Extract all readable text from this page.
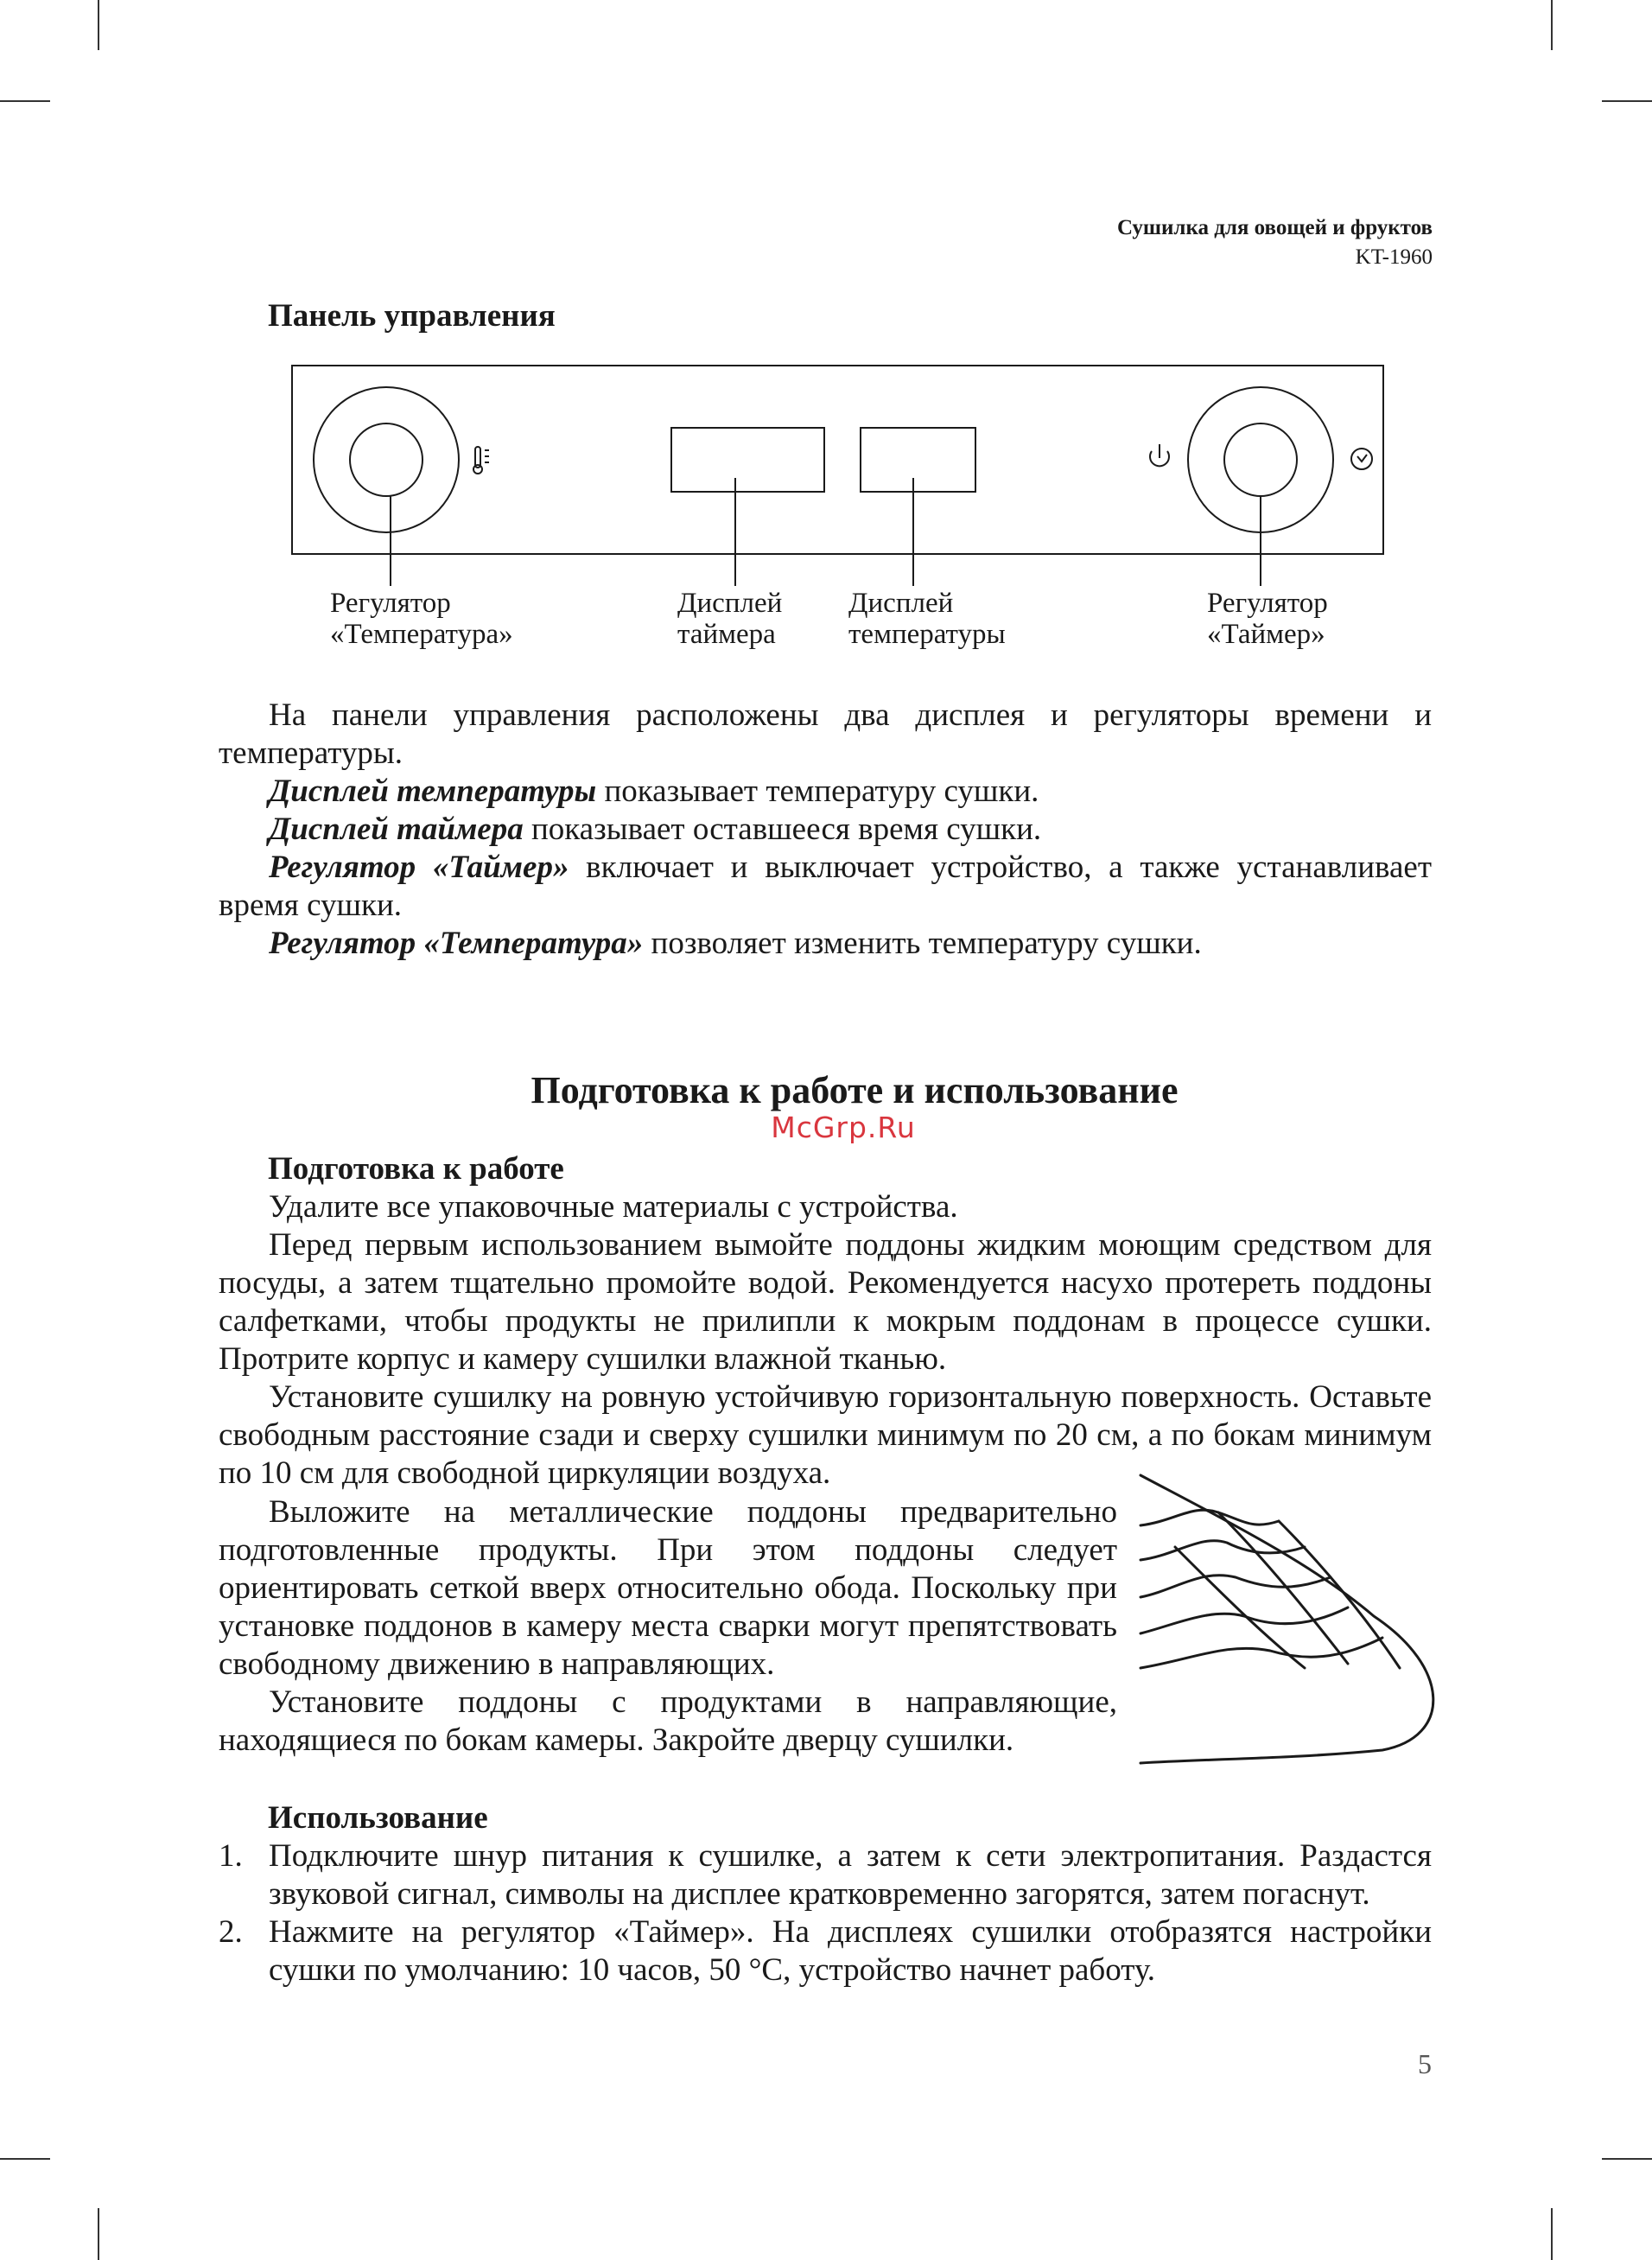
Сушилка для овощей и фруктов
KT-1960
Панель управления
Регулятор
«Температура»
Дисплей
таймера
Дисплей
температуры
Регулятор
«Таймер»

На панели управления расположены два дисплея и регуляторы времени и температуры.

Дисплей температуры показывает температуру сушки.

Дисплей таймера показывает оставшееся время сушки.

Регулятор «Таймер» включает и выключает устройство, а также устанавливает время сушки.

Регулятор «Температура» позволяет изменить температуру сушки.

Подготовка к работе и использование
McGrp.Ru
Подготовка к работе

Удалите все упаковочные материалы с устройства.

Перед первым использованием вымойте поддоны жидким моющим средством для посуды, а затем тщательно промойте водой. Рекомендуется насухо протереть поддоны салфетками, чтобы продукты не прилипли к мокрым поддонам в процессе сушки. Протрите корпус и камеру сушилки влажной тканью.

Установите сушилку на ровную устойчивую горизонтальную поверхность. Оставьте свободным расстояние сзади и сверху сушилки минимум по 20 см, а по бокам минимум по 10 см для свободной циркуляции воздуха.

Выложите на металлические поддоны предварительно подготовленные продукты. При этом поддоны следует ориентировать сеткой вверх относительно обода. Поскольку при установке поддонов в камеру места сварки могут препятствовать свободному движению в направляющих.

Установите поддоны с продуктами в направляющие, находящиеся по бокам камеры. Закройте дверцу сушилки.

Использование
1. Подключите шнур питания к сушилке, а затем к сети электропитания. Раздастся звуковой сигнал, символы на дисплее кратковременно загорятся, затем погаснут.
2. Нажмите на регулятор «Таймер». На дисплеях сушилки отобразятся настройки сушки по умолчанию: 10 часов, 50 °C, устройство начнет работу.
5
